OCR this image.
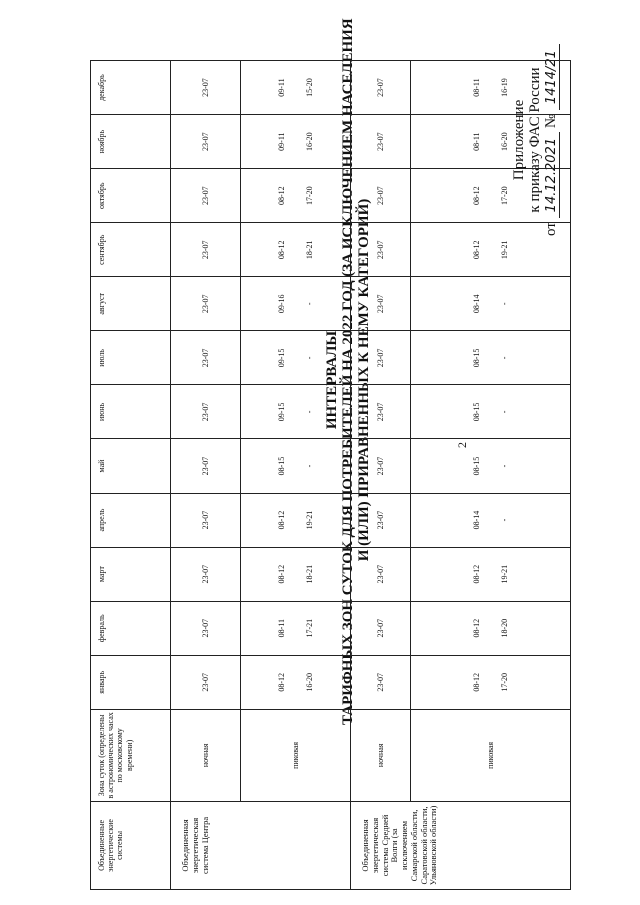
2
Приложение к приказу ФАС России
от 14.12.2021 № 1414/21
ИНТЕРВАЛЫ ТАРИФНЫХ ЗОН СУТОК ДЛЯ ПОТРЕБИТЕЛЕЙ НА 2022 ГОД (ЗА ИСКЛЮЧЕНИЕМ НАСЕЛЕНИЯ И (ИЛИ) ПРИРАВНЕННЫХ К НЕМУ КАТЕГОРИЙ)
Объединенные энергетические системы	Зона суток (определены в астрономических часах по московскому времени)	январь	февраль	март	апрель	май	июнь	июль	август	сентябрь	октябрь	ноябрь	декабрь
Объединенная энергетическая система Центра	ночная	23-07	23-07	23-07	23-07	23-07	23-07	23-07	23-07	23-07	23-07	23-07	23-07

	пиковая	08-12 16-20	08-11 17-21	08-12 18-21	08-12 19-21	08-15 -	09-15 -	09-15 -	09-16 -	08-12 18-21	08-12 17-20	09-11 16-20	09-11 15-20

Объединенная энергетическая система Средней Волги (за исключением Самарской области, Саратовской области, Ульяновской области)	ночная	23-07	23-07	23-07	23-07	23-07	23-07	23-07	23-07	23-07	23-07	23-07	23-07

	пиковая	08-12 17-20	08-12 18-20	08-12 19-21	08-14 -	08-15 -	08-15 -	08-15 -	08-14 -	08-12 19-21	08-12 17-20	08-11 16-20	08-11 16-19
